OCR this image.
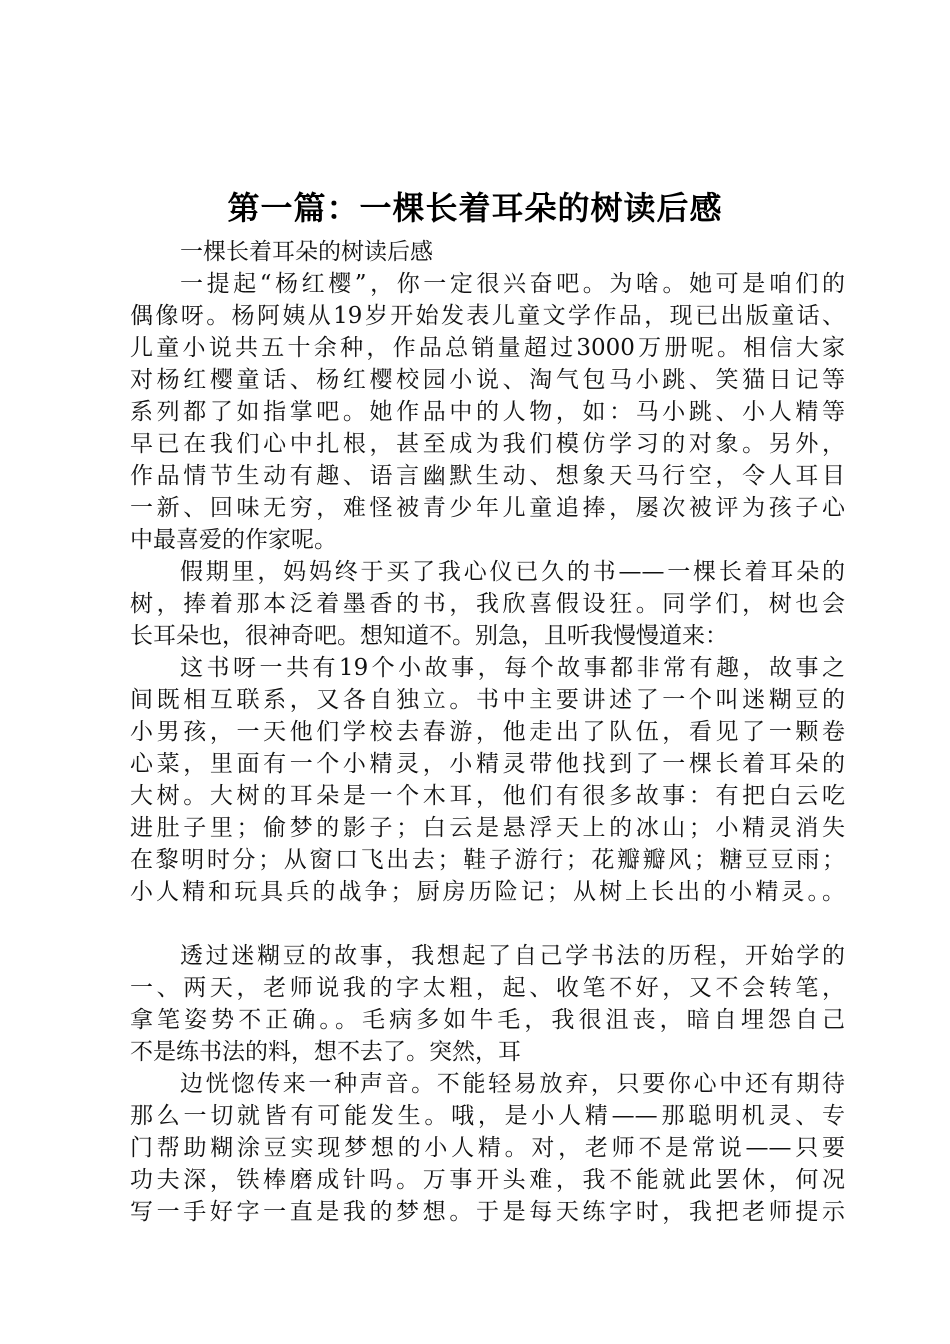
第一篇：一棵长着耳朵的树读后感
一棵长着耳朵的树读后感
一提起“杨红樱”，你一定很兴奋吧。为啥。她可是咱们的
偶像呀。杨阿姨从19岁开始发表儿童文学作品，现已出版童话、
儿童小说共五十余种，作品总销量超过3000万册呢。相信大家
对杨红樱童话、杨红樱校园小说、淘气包马小跳、笑猫日记等
系列都了如指掌吧。她作品中的人物，如：马小跳、小人精等
早已在我们心中扎根，甚至成为我们模仿学习的对象。另外，
作品情节生动有趣、语言幽默生动、想象天马行空，令人耳目
一新、回味无穷，难怪被青少年儿童追捧，屡次被评为孩子心
中最喜爱的作家呢。
假期里，妈妈终于买了我心仪已久的书——一棵长着耳朵的
树，捧着那本泛着墨香的书，我欣喜假设狂。同学们，树也会
长耳朵也，很神奇吧。想知道不。别急，且听我慢慢道来：
这书呀一共有19个小故事，每个故事都非常有趣，故事之
间既相互联系，又各自独立。书中主要讲述了一个叫迷糊豆的
小男孩，一天他们学校去春游，他走出了队伍，看见了一颗卷
心菜，里面有一个小精灵，小精灵带他找到了一棵长着耳朵的
大树。大树的耳朵是一个木耳，他们有很多故事：有把白云吃
进肚子里；偷梦的影子；白云是悬浮天上的冰山；小精灵消失
在黎明时分；从窗口飞出去；鞋子游行；花瓣瓣风；糖豆豆雨；
小人精和玩具兵的战争；厨房历险记；从树上长出的小精灵。。
透过迷糊豆的故事，我想起了自己学书法的历程，开始学的
一、两天，老师说我的字太粗，起、收笔不好，又不会转笔，
拿笔姿势不正确。。毛病多如牛毛，我很沮丧，暗自埋怨自己
不是练书法的料，想不去了。突然，耳
边恍惚传来一种声音。不能轻易放弃，只要你心中还有期待
那么一切就皆有可能发生。哦，是小人精——那聪明机灵、专
门帮助糊涂豆实现梦想的小人精。对，老师不是常说——只要
功夫深，铁棒磨成针吗。万事开头难，我不能就此罢休，何况
写一手好字一直是我的梦想。于是每天练字时，我把老师提示
